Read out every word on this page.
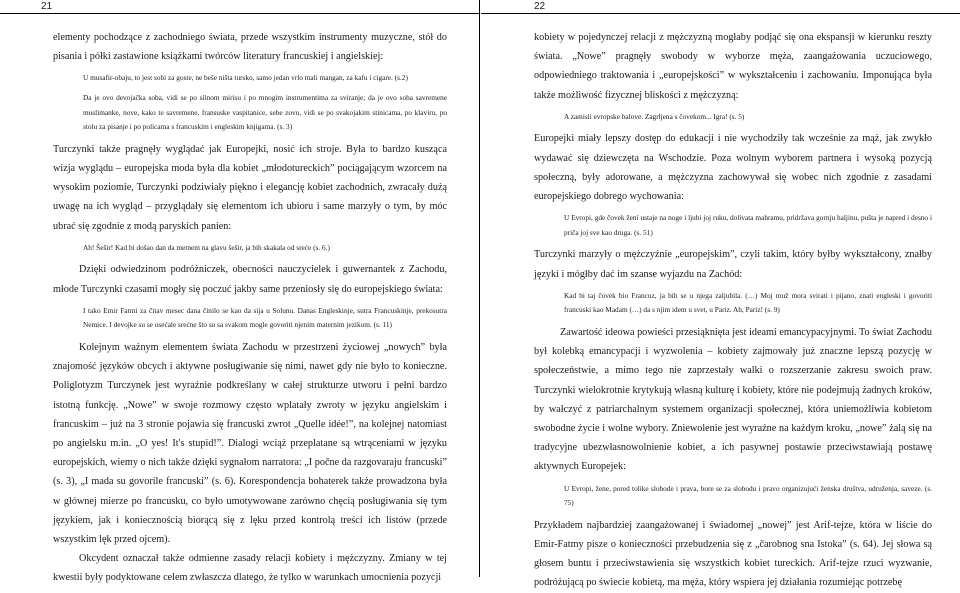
21

elementy pochodzące z zachodniego świata, przede wszystkim instrumenty muzyczne, stół do pisania i półki zastawione książkami twórców literatury francuskiej i angielskiej:

U musafir-obaju, to jest sobi za goste, ne beše ništa tursko, samo jedan vrlo mali mangan, za kafu i cigare. (s.2)

Da je ovo devojačka soba, vidi se po silnom mirisu i po mnogim instrumentima za sviranje; da je ovo soba savremene muslimanke, nove, kako te savremene, fransuske vaspitanice, sebe zovu, vidi se po svakojakim stinicama, po klaviru, po stolu za pisanje i po policama s francuskim i engleskim knjigama. (s. 3)

Turczynki także pragnęły wyglądać jak Europejki, nosić ich stroje. Była to bardzo kusząca wizja wyglądu – europejska moda była dla kobiet „młodotureckich” pociągającym wzorcem na wysokim poziomie, Turczynki podziwiały piękno i elegancję kobiet zachodnich, zwracały dużą uwagę na ich wygląd – przyglądały się elementom ich ubioru i same marzyły o tym, by móc ubrać się zgodnie z modą paryskich panien:

Ah! Šešir! Kad bi došao dan da metnem na glavu šešir, ja bih skakala od sreće (s. 6.)

Dzięki odwiedzinom podróżniczek, obecności nauczycielek i guwernantek z Zachodu, młode Turczynki czasami mogły się poczuć jakby same przeniosły się do europejskiego świata:

I tako Emir Fatmi za čitav mesec dana činilo se kao da sija u Solunu. Danas Engleskinje, sutra Francuskinje, prekosutra Nemice. I devojke su se osećale srećne što su sa svakom mogle govoriti njenim materním jezikom. (s. 11)

Kolejnym ważnym elementem świata Zachodu w przestrzeni życiowej „nowych” była znajomość języków obcych i aktywne posługiwanie się nimi, nawet gdy nie było to konieczne. Poliglotyzm Turczynek jest wyraźnie podkreślany w całej strukturze utworu i pełni bardzo istotną funkcję. „Nowe” w swoje rozmowy często wplatały zwroty w języku angielskim i francuskim – już na 3 stronie pojawia się francuski zwrot „Quelle idée!”, na kolejnej natomiast po angielsku m.in. „O yes! It's stupid!”. Dialogi wciąż przeplatane są wtrąceniami w języku europejskich, wiemy o nich także dzięki sygnałom narratora: „I počne da razgovaraju francuski” (s. 3), „I mada su govorile francuski” (s. 6). Korespondencja bohaterek także prowadzona była w głównej mierze po francusku, co było umotywowane zarówno chęcią posługiwania się tym językiem, jak i koniecznością biorącą się z lęku przed kontrolą treści ich listów (przede wszystkim lęk przed ojcem).

Okcydent oznaczał także odmienne zasady relacji kobiety i mężczyzny. Zmiany w tej kwestii były podyktowane celem zwłaszcza dlatego, że tylko w warunkach umocnienia pozycji

22

kobiety w pojedynczej relacji z mężczyzną mogłaby podjąć się ona ekspansji w kierunku reszty świata. „Nowe” pragnęły swobody w wyborze męża, zaangażowania uczuciowego, odpowiedniego traktowania i „europejskości” w wykształceniu i zachowaniu. Imponująca była także możliwość fizycznej bliskości z mężczyzną:

A zamisli evropske balove. Zagrljena s čovekom... Igra! (s. 5)

Europejki miały lepszy dostęp do edukacji i nie wychodziły tak wcześnie za mąż, jak zwykło wydawać się dziewczęta na Wschodzie. Poza wolnym wyborem partnera i wysoką pozycją społeczną, były adorowane, a mężczyzna zachowywał się wobec nich zgodnie z zasadami europejskiego dobrego wychowania:

U Evropi, gde čovek žení ustaje na noge i ljubi joj ruku, dolivata mahramu, pridržava gornju haljinu, pušta je napred i desno i priča joj sve kao druga. (s. 51)

Turczynki marzyły o mężczyźnie „europejskim”, czyli takim, który byłby wykształcony, znałby języki i mógłby dać im szanse wyjazdu na Zachód:

Kad bi taj čovek bio Francuz, ja bih se u njega zaljubila. (…) Moj muž mora svirati i pijano, znati engleski i govoriti francuski kao Madam (…) da s njim idem u svet, u Pariz. Ah, Pariz! (s. 9)

Zawartość ideowa powieści przesiąknięta jest ideami emancypacyjnymi. To świat Zachodu był kolebką emancypacji i wyzwolenia – kobiety zajmowały już znaczne lepszą pozycję w społeczeństwie, a mimo tego nie zaprzestały walki o rozszerzanie zakresu swoich praw. Turczynki wielokrotnie krytykują własną kulturę i kobiety, które nie podejmują żadnych kroków, by wałczyć z patriarchalnym systemem organizacji społecznej, która uniemożliwia kobietom swobodne życie i wolne wybory. Zniewolenie jest wyraźne na każdym kroku, „nowe” żalą się na tradycyjne ubezwłasnowolnienie kobiet, a ich pasywnej postawie przeciwstawiają postawę aktywnych Europejek:

U Evropi, žene, pored tolike slobode i prava, bore se za slobodu i pravo organizujući ženska društva, udruženja, saveze. (s. 75)

Przykładem najbardziej zaangażowanej i świadomej „nowej” jest Arif-tejze, która w liście do Emir-Fatmy pisze o konieczności przebudzenia się z „čarobnog sna Istoka” (s. 64). Jej słowa są głosem buntu i przeciwstawienia się wszystkich kobiet tureckich. Arif-tejze rzuci wyzwanie, podróżującą po świecie kobietą, ma męża, który wspiera jej działania rozumiejąc potrzebę
